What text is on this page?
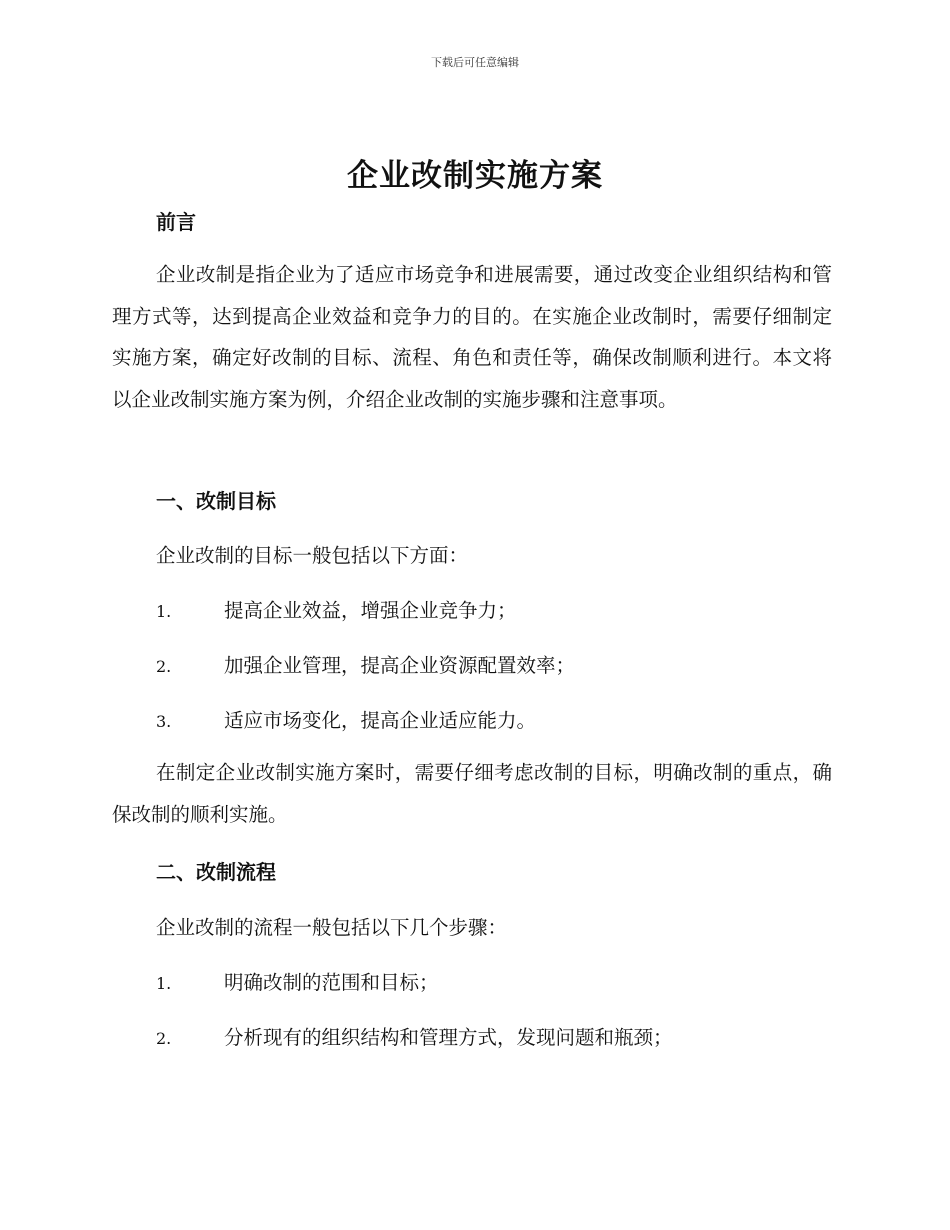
下载后可任意编辑
企业改制实施方案
前言

企业改制是指企业为了适应市场竞争和进展需要，通过改变企业组织结构和管理方式等，达到提高企业效益和竞争力的目的。在实施企业改制时，需要仔细制定实施方案，确定好改制的目标、流程、角色和责任等，确保改制顺利进行。本文将以企业改制实施方案为例，介绍企业改制的实施步骤和注意事项。

一、改制目标

企业改制的目标一般包括以下方面：

1.	提高企业效益，增强企业竞争力；
2.	加强企业管理，提高企业资源配置效率；
3.	适应市场变化，提高企业适应能力。

在制定企业改制实施方案时，需要仔细考虑改制的目标，明确改制的重点，确保改制的顺利实施。

二、改制流程

企业改制的流程一般包括以下几个步骤：

1.	明确改制的范围和目标；
2.	分析现有的组织结构和管理方式，发现问题和瓶颈；
